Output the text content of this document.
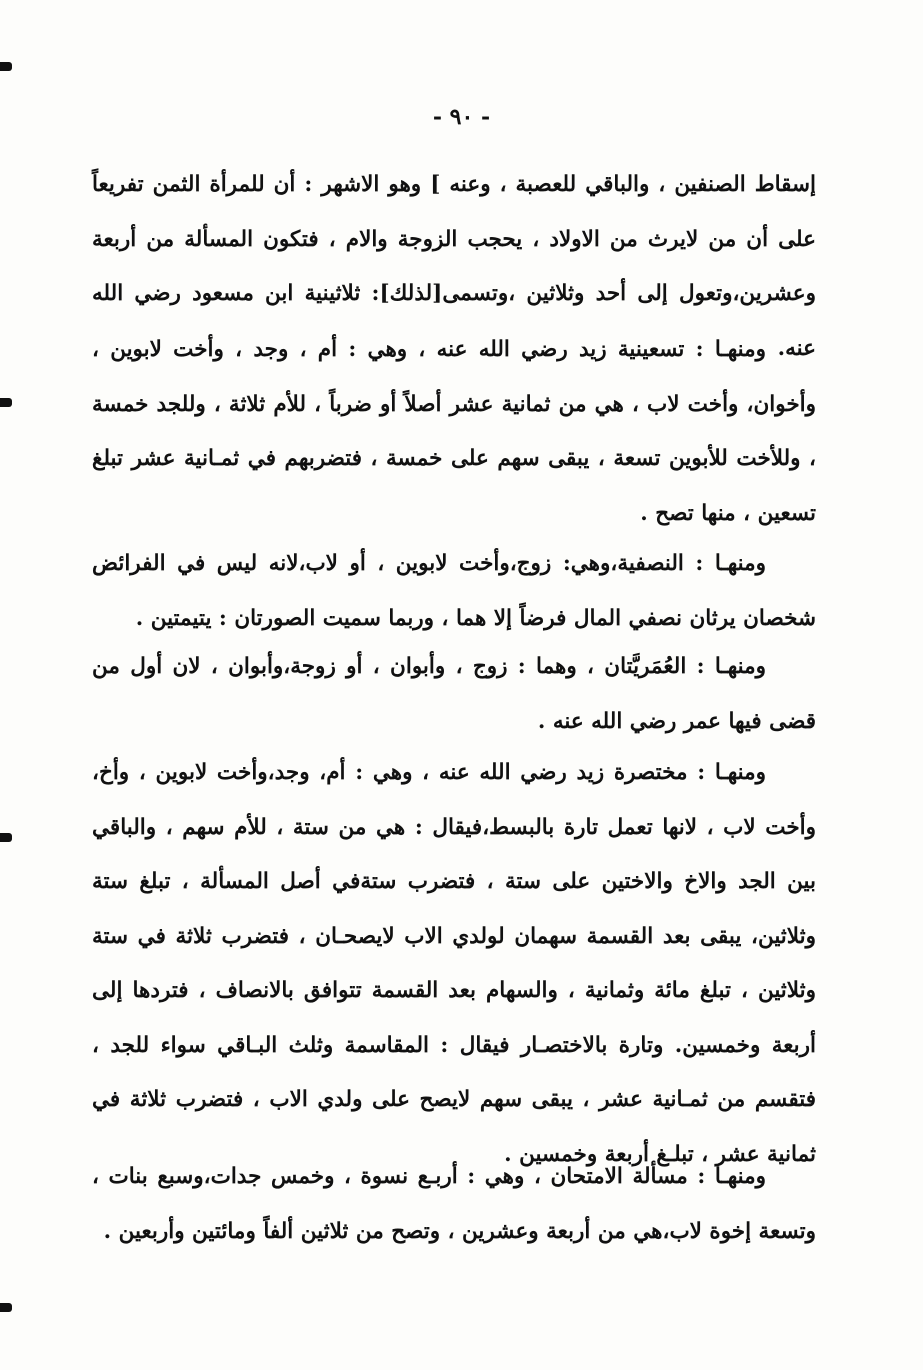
- ٩٠ -

إسقاط الصنفين ، والباقي للعصبة ، وعنه ] وهو الاشهر : أن للمرأة الثمن تفريعاً على أن من لايرث من الاولاد ، يحجب الزوجة والام ، فتكون المسألة من أربعة وعشرين،وتعول إلى أحد وثلاثين ،وتسمى[لذلك]: ثلاثينية ابن مسعود رضي الله عنه.

ومنهـا : تسعينية زيد رضي الله عنه ، وهي : أم ، وجد ، وأخت لابوين ، وأخوان، وأخت لاب ، هي من ثمانية عشر أصلاً أو ضرباً ، للأم ثلاثة ، وللجد خمسة ، وللأخت للأبوين تسعة ، يبقى سهم على خمسة ، فتضربهم في ثمـانية عشر تبلغ تسعين ، منها تصح .

ومنهـا : النصفية،وهي: زوج،وأخت لابوين ، أو لاب،لانه ليس في الفرائض شخصان يرثان نصفي المال فرضاً إلا هما ، وربما سميت الصورتان : يتيمتين .

ومنهـا : العُمَريَّتان ، وهما : زوج ، وأبوان ، أو زوجة،وأبوان ، لان أول من قضى فيها عمر رضي الله عنه .

ومنهـا : مختصرة زيد رضي الله عنه ، وهي : أم، وجد،وأخت لابوين ، وأخ، وأخت لاب ، لانها تعمل تارة بالبسط،فيقال : هي من ستة ، للأم سهم ، والباقي بين الجد والاخ والاختين على ستة ، فتضرب ستةفي أصل المسألة ، تبلغ ستة وثلاثين، يبقى بعد القسمة سهمان لولدي الاب لايصحـان ، فتضرب ثلاثة في ستة وثلاثين ، تبلغ مائة وثمانية ، والسهام بعد القسمة تتوافق بالانصاف ، فتردها إلى أربعة وخمسين. وتارة بالاختصـار فيقال : المقاسمة وثلث البـاقي سواء للجد ، فتقسم من ثمـانية عشر ، يبقى سهم لايصح على ولدي الاب ، فتضرب ثلاثة في ثمانية عشر ، تبلـغ أربعة وخمسين .

ومنهـا : مسألة الامتحان ، وهي : أربـع نسوة ، وخمس جدات،وسبع بنات ، وتسعة إخوة لاب،هي من أربعة وعشرين ، وتصح من ثلاثين ألفاً ومائتين وأربعين .
